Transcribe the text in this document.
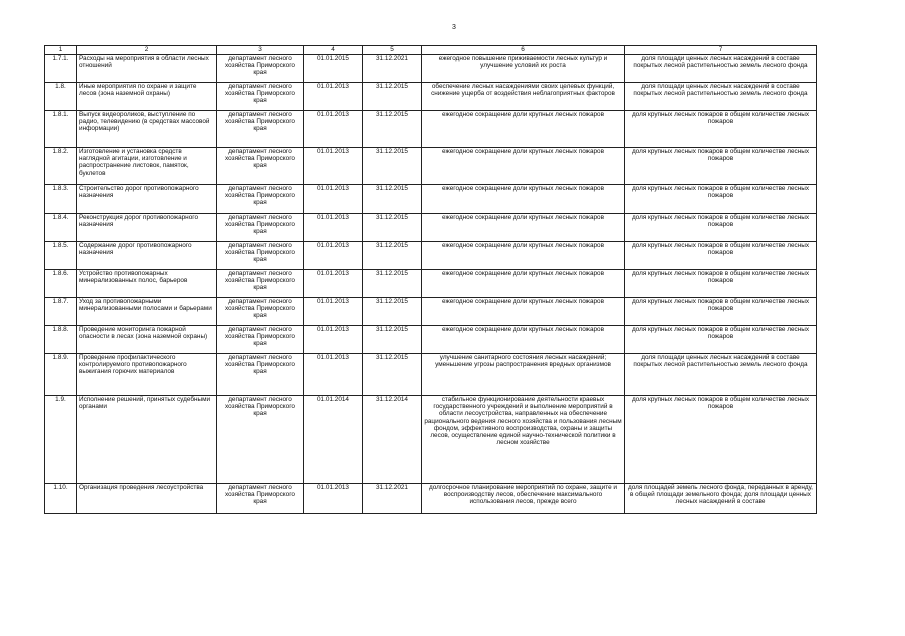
3
1	2	3	4	5	6	7
1.7.1.	Расходы на мероприятия в области лесных отношений	департамент лесного хозяйства Приморского края	01.01.2015	31.12.2021	ежегодное повышение приживаемости лесных культур и улучшение условий их роста	доля площади ценных лесных насаждений в составе покрытых лесной растительностью земель лесного фонда
1.8.	Иные мероприятия по охране и защите лесов (зона наземной охраны)	департамент лесного хозяйства Приморского края	01.01.2013	31.12.2015	обеспечение лесных насаждениями своих целевых функций, снижение ущерба от воздействия неблагоприятных факторов	доля площади ценных лесных насаждений в составе покрытых лесной растительностью земель лесного фонда
1.8.1.	Выпуск видеороликов, выступление по радио, телевидению (в средствах массовой информации)	департамент лесного хозяйства Приморского края	01.01.2013	31.12.2015	ежегодное сокращение доли крупных лесных пожаров	доля крупных лесных пожаров в общем количестве лесных пожаров
1.8.2.	Изготовление и установка средств наглядной агитации, изготовление и распространение листовок, памяток, буклетов	департамент лесного хозяйства Приморского края	01.01.2013	31.12.2015	ежегодное сокращение доли крупных лесных пожаров	доля крупных лесных пожаров в общем количестве лесных пожаров
1.8.3.	Строительство дорог противопожарного назначения	департамент лесного хозяйства Приморского края	01.01.2013	31.12.2015	ежегодное сокращение доли крупных лесных пожаров	доля крупных лесных пожаров в общем количестве лесных пожаров
1.8.4.	Реконструкция дорог противопожарного назначения	департамент лесного хозяйства Приморского края	01.01.2013	31.12.2015	ежегодное сокращение доли крупных лесных пожаров	доля крупных лесных пожаров в общем количестве лесных пожаров
1.8.5.	Содержание дорог противопожарного назначения	департамент лесного хозяйства Приморского края	01.01.2013	31.12.2015	ежегодное сокращение доли крупных лесных пожаров	доля крупных лесных пожаров в общем количестве лесных пожаров
1.8.6.	Устройство противопожарных минерализованных полос, барьеров	департамент лесного хозяйства Приморского края	01.01.2013	31.12.2015	ежегодное сокращение доли крупных лесных пожаров	доля крупных лесных пожаров в общем количестве лесных пожаров
1.8.7.	Уход за противопожарными минерализованными полосами и барьерами	департамент лесного хозяйства Приморского края	01.01.2013	31.12.2015	ежегодное сокращение доли крупных лесных пожаров	доля крупных лесных пожаров в общем количестве лесных пожаров
1.8.8.	Проведение мониторинга пожарной опасности в лесах (зона наземной охраны)	департамент лесного хозяйства Приморского края	01.01.2013	31.12.2015	ежегодное сокращение доли крупных лесных пожаров	доля крупных лесных пожаров в общем количестве лесных пожаров
1.8.9.	Проведение профилактического контролируемого противопожарного выжигания горючих материалов	департамент лесного хозяйства Приморского края	01.01.2013	31.12.2015	улучшение санитарного состояния лесных насаждений; уменьшение угрозы распространения вредных организмов	доля площади ценных лесных насаждений в составе покрытых лесной растительностью земель лесного фонда
1.9.	Исполнение решений, принятых судебными органами	департамент лесного хозяйства Приморского края	01.01.2014	31.12.2014	стабильное функционирование деятельности краевых государственного учреждений и выполнение мероприятий в области лесоустройства, направленных на обеспечение рационального ведения лесного хозяйства и пользования лесным фондом, эффективного воспроизводства, охраны и защиты лесов, осуществление единой научно-технической политики в лесном хозяйстве	доля крупных лесных пожаров в общем количестве лесных пожаров
1.10.	Организация проведения лесоустройства	департамент лесного хозяйства Приморского края	01.01.2013	31.12.2021	долгосрочное планирование мероприятий по охране, защите и воспроизводству лесов, обеспечение максимального использования лесов, прежде всего	доля площадей земель лесного фонда, переданных в аренду, в общей площади земельного фонда; доля площади ценных лесных насаждений в составе
